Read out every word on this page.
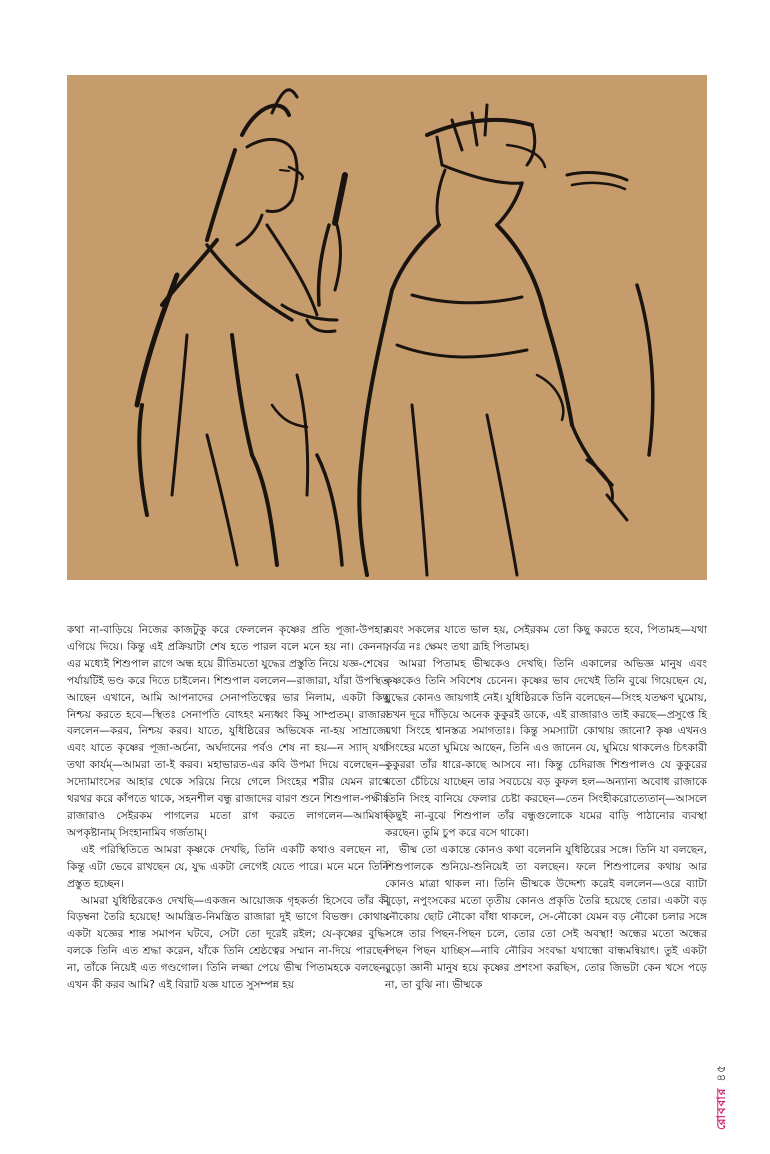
কথা না-বাড়িয়ে নিজের কাজটুকু করে ফেললেন কৃষ্ণের প্রতি পূজা-উপহার এগিয়ে দিয়ে। কিন্তু এই প্রক্রিয়াটা শেষ হতে পারল বলে মনে হয় না। কেননা, এর মধ্যেই শিশুপাল রাগে অন্ধ হয়ে রীতিমতো যুদ্ধের প্রস্তুতি নিয়ে যজ্ঞ-শেষের পর্যায়টিই ভণ্ড করে দিতে চাইলেন। শিশুপাল বললেন—রাজারা, যাঁরা উপস্থিত আছেন এখানে, আমি আপনাদের সেনাপতিত্বের ভার নিলাম, একটা কিছু নিশ্চয় করতে হবে—স্থিতঃ সেনাপতি বোঽহং মন্যধ্বং কিমু সাম্প্রতম্। রাজারা বললেন—করব, নিশ্চয় করব। যাতে, যুধিষ্ঠিরের অভিষেক না-হয় সাম্রাজ্যে এবং যাতে কৃষ্ণের পূজা-অর্চনা, অর্ঘদানের পর্বও শেষ না হয়—ন স্যাদ্ যথা তথা কার্যম্—আমরা তা-ই করব। মহাভারত-এর কবি উপমা দিয়ে বলেছেন—সদ্যোমাংসের আহার থেকে সরিয়ে নিয়ে গেলে সিংহের শরীর যেমন রাগে থরথর করে কাঁপতে থাকে, সহনশীল বন্ধু রাজাদের বারণ শুনে শিশুপাল-পক্ষীয় রাজারাও সেইরকম পাগলের মতো রাগ করতে লাগলেন—আমিষাদ্ অপকৃষ্টানাম্ সিংহানামিব গর্জতাম্।

এই পরিস্থিতিতে আমরা কৃষ্ণকে দেখছি, তিনি একটি কথাও বলছেন না, কিন্তু এটা ভেবে রাখছেন যে, যুদ্ধ একটা লেগেই যেতে পারে। মনে মনে তিনি প্রস্তুত হচ্ছেন।

আমরা যুধিষ্ঠিরকেও দেখছি—একজন আয়োজক গৃহকর্তা হিসেবে তাঁর কী বিড়ম্বনা তৈরি হয়েছে! আমন্ত্রিত-নিমন্ত্রিত রাজারা দুই ভাগে বিভক্ত। কোথায় একটা যজ্ঞের শান্ত সমাপন ঘটবে, সেটা তো দূরেই রইল; যে-কৃষ্ণের বুদ্ধি-বলকে তিনি এত শ্রদ্ধা করেন, যাঁকে তিনি শ্রেষ্ঠত্বের সম্মান না-দিয়ে পারছেন না, তাঁকে নিয়েই এত গণ্ডগোল। তিনি লজ্জা পেয়ে ভীষ্ম পিতামহকে বলছেন, এখন কী করব আমি? এই বিরাট যজ্ঞ যাতে সুসম্পন্ন হয়

এবং সকলের যাতে ভাল হয়, সেইরকম তো কিছু করতে হবে, পিতামহ—যথা সর্বত্র নঃ ক্ষেমং তথা ব্রূহি পিতামহ।

আমরা পিতামহ ভীষ্মকেও দেখছি। তিনি একালের অভিজ্ঞ মানুষ এবং কৃষ্ণকেও তিনি সবিশেষ চেনেন। কৃষ্ণের ভাব দেখেই তিনি বুঝে গিয়েছেন যে, যুদ্ধের কোনও জায়গাই নেই। যুধিষ্ঠিরকে তিনি বলেছেন—সিংহ যতক্ষণ ঘুমোয়, তখন দূরে দাঁড়িয়ে অনেক কুকুরই ডাকে, এই রাজারাও তাই করছে—প্রসুপ্তে হি যথা সিংহে শ্বানস্তত্র সমাগতাঃ। কিন্তু সমস্যাটা কোথায় জানো? কৃষ্ণ এখনও সিংহের মতো ঘুমিয়ে আছেন, তিনি এও জানেন যে, ঘুমিয়ে থাকলেও চিৎকারী কুকুররা তাঁর ধারে-কাছে আসবে না। কিন্তু চেদিরাজ শিশুপালও যে কুকুরের মতো চেঁচিয়ে যাচ্ছেন তার সবচেয়ে বড় কুফল হল—অন্যান্য অবোধ রাজাকে তিনি সিংহ বানিয়ে ফেলার চেষ্টা করছেন—তেন সিংহীকরোত্যেতান্—আসলে কিছুই না-বুঝে শিশুপাল তাঁর বন্ধুগুলোকে যমের বাড়ি পাঠানোর ব্যবস্থা করছেন। তুমি চুপ করে বসে থাকো।

ভীষ্ম তো একান্তে কোনও কথা বলেননি যুধিষ্ঠিরের সঙ্গে। তিনি যা বলছেন, শিশুপালকে শুনিয়ে-শুনিয়েই তা বলছেন। ফলে শিশুপালের কথায় আর কোনও মাত্রা থাকল না। তিনি ভীষ্মকে উদ্দেশ্য করেই বললেন—ওরে ব্যাটা বুড়ো, নপুংসকের মতো তৃতীয় কোনও প্রকৃতি তৈরি হয়েছে তোর। একটা বড় নৌকোয় ছোট নৌকো বাঁধা থাকলে, সে-নৌকো যেমন বড় নৌকো চলার সঙ্গে সঙ্গে তার পিছন-পিছন চলে, তোর তো সেই অবস্থা! অন্ধের মতো অন্ধের পিছন পিছন যাচ্ছিস—নাবি নৌরিব সংবদ্ধা যথান্ধো বান্ধমন্বিয়াৎ। তুই একটা বুড়ো জ্ঞানী মানুষ হয়ে কৃষ্ণের প্রশংসা করছিস, তোর জিভটা কেন খসে পড়ে না, তা বুঝি না। ভীষ্মকে

রোববার৪৫
